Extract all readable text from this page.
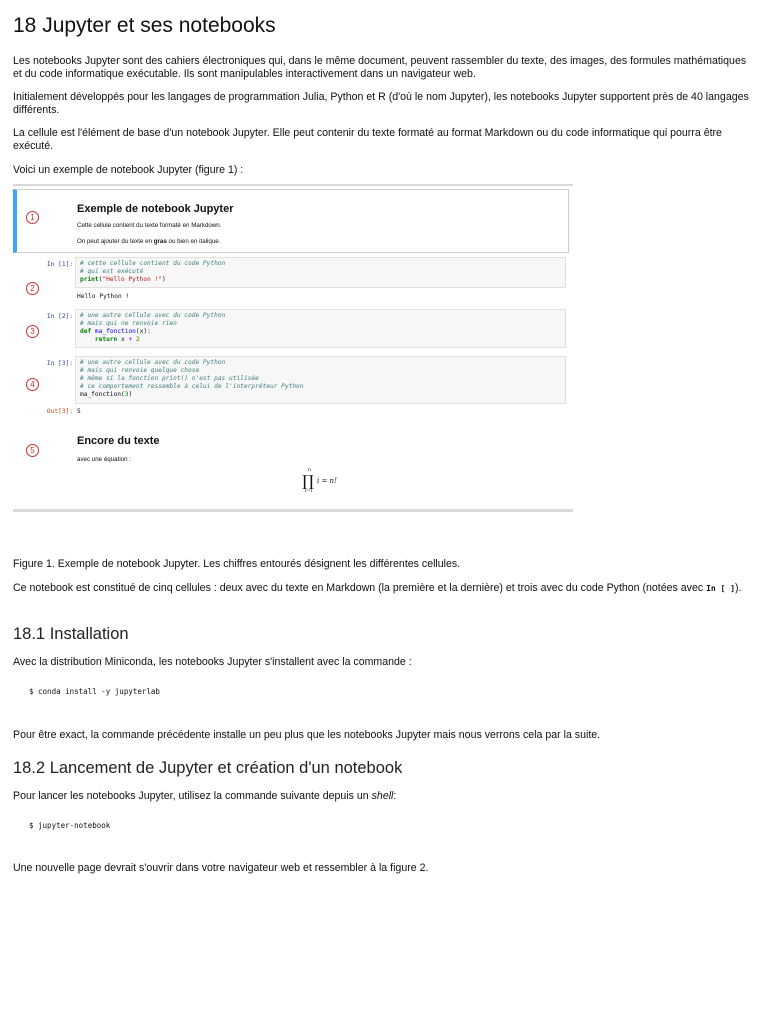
18 Jupyter et ses notebooks

Les notebooks Jupyter sont des cahiers électroniques qui, dans le même document, peuvent rassembler du texte, des images, des formules mathématiques et du code informatique exécutable. Ils sont manipulables interactivement dans un navigateur web.

Initialement développés pour les langages de programmation Julia, Python et R (d'où le nom Jupyter), les notebooks Jupyter supportent près de 40 langages différents.

La cellule est l'élément de base d'un notebook Jupyter. Elle peut contenir du texte formaté au format Markdown ou du code informatique qui pourra être exécuté.

Voici un exemple de notebook Jupyter (figure 1) :

1
Exemple de notebook Jupyter
Cette cellule contient du texte formaté en Markdown.
On peut ajouter du texte en gras ou bien en italique.
In [1]:
2
# cette cellule contient du code Python
# qui est exécuté
print("Hello Python !")
Hello Python !
In [2]:
3
# une autre cellule avec du code Python
# mais qui ne renvoie rien
def ma_fonction(x):
return x + 2
In [3]:
4
# une autre cellule avec du code Python
# mais qui renvoie quelque chose
# même si la fonction print() n'est pas utilisée
# ce comportement ressemble à celui de l'interpréteur Python
ma_fonction(3)
Out[3]: 5
5
Encore du texte
avec une équation :
n
∏
i=1
i = n!

Figure 1. Exemple de notebook Jupyter. Les chiffres entourés désignent les différentes cellules.

Ce notebook est constitué de cinq cellules : deux avec du texte en Markdown (la première et la dernière) et trois avec du code Python (notées avec In [ ]).

18.1 Installation

Avec la distribution Miniconda, les notebooks Jupyter s'installent avec la commande :

$ conda install -y jupyterlab

Pour être exact, la commande précédente installe un peu plus que les notebooks Jupyter mais nous verrons cela par la suite.

18.2 Lancement de Jupyter et création d'un notebook

Pour lancer les notebooks Jupyter, utilisez la commande suivante depuis un shell:

$ jupyter-notebook

Une nouvelle page devrait s'ouvrir dans votre navigateur web et ressembler à la figure 2.
